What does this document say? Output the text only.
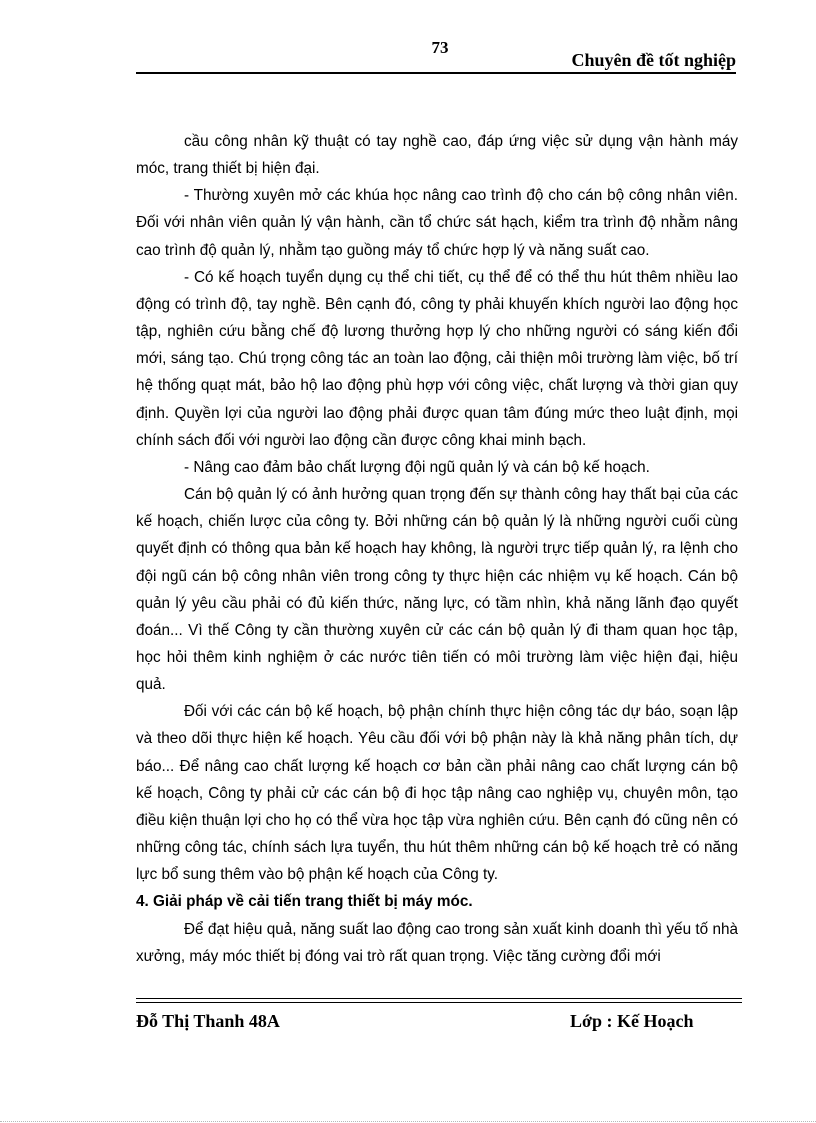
73
Chuyên đề tốt nghiệp

cầu công nhân kỹ thuật có tay nghề cao, đáp ứng việc sử dụng vận hành máy móc, trang thiết bị hiện đại.

- Thường xuyên mở các khúa học nâng cao trình độ cho cán bộ công nhân viên. Đối với nhân viên quản lý vận hành, cần tổ chức sát hạch, kiểm tra trình độ nhằm nâng cao trình độ quản lý, nhằm tạo guồng máy tổ chức hợp lý và năng suất cao.

- Có kế hoạch tuyển dụng cụ thể chi tiết, cụ thể để có thể thu hút thêm nhiều lao động có trình độ, tay nghề. Bên cạnh đó, công ty phải khuyến khích người lao động học tập, nghiên cứu bằng chế độ lương thưởng hợp lý cho những người có sáng kiến đổi mới, sáng tạo. Chú trọng công tác an toàn lao động, cải thiện môi trường làm việc, bố trí hệ thống quạt mát, bảo hộ lao động phù hợp với công việc, chất lượng và thời gian quy định. Quyền lợi của người lao động phải được quan tâm đúng mức theo luật định, mọi chính sách đối với người lao động cần được công khai minh bạch.

- Nâng cao đảm bảo chất lượng đội ngũ quản lý và cán bộ kế hoạch.

Cán bộ quản lý có ảnh hưởng quan trọng đến sự thành công hay thất bại của các kế hoạch, chiến lược của công ty. Bởi những cán bộ quản lý là những người cuối cùng quyết định có thông qua bản kế hoạch hay không, là người trực tiếp quản lý, ra lệnh cho đội ngũ cán bộ công nhân viên trong công ty thực hiện các nhiệm vụ kế hoạch. Cán bộ quản lý yêu cầu phải có đủ kiến thức, năng lực, có tầm nhìn, khả năng lãnh đạo quyết đoán... Vì thế Công ty cần thường xuyên cử các cán bộ quản lý đi tham quan học tập, học hỏi thêm kinh nghiệm ở các nước tiên tiến có môi trường làm việc hiện đại, hiệu quả.

Đối với các cán bộ kế hoạch, bộ phận chính thực hiện công tác dự báo, soạn lập và theo dõi thực hiện kế hoạch. Yêu cầu đối với bộ phận này là khả năng phân tích, dự báo... Để nâng cao chất lượng kế hoạch cơ bản cần phải nâng cao chất lượng cán bộ kế hoạch, Công ty phải cử các cán bộ đi học tập nâng cao nghiệp vụ, chuyên môn, tạo điều kiện thuận lợi cho họ có thể vừa học tập vừa nghiên cứu. Bên cạnh đó cũng nên có những công tác, chính sách lựa tuyển, thu hút thêm những cán bộ kế hoạch trẻ có năng lực bổ sung thêm vào bộ phận kế hoạch của Công ty.

4. Giải pháp về cải tiến trang thiết bị máy móc.

Để đạt hiệu quả, năng suất lao động cao trong sản xuất kinh doanh thì yếu tố nhà xưởng, máy móc thiết bị đóng vai trò rất quan trọng. Việc tăng cường đổi mới

Đỗ Thị Thanh 48A	Lớp : Kế Hoạch
